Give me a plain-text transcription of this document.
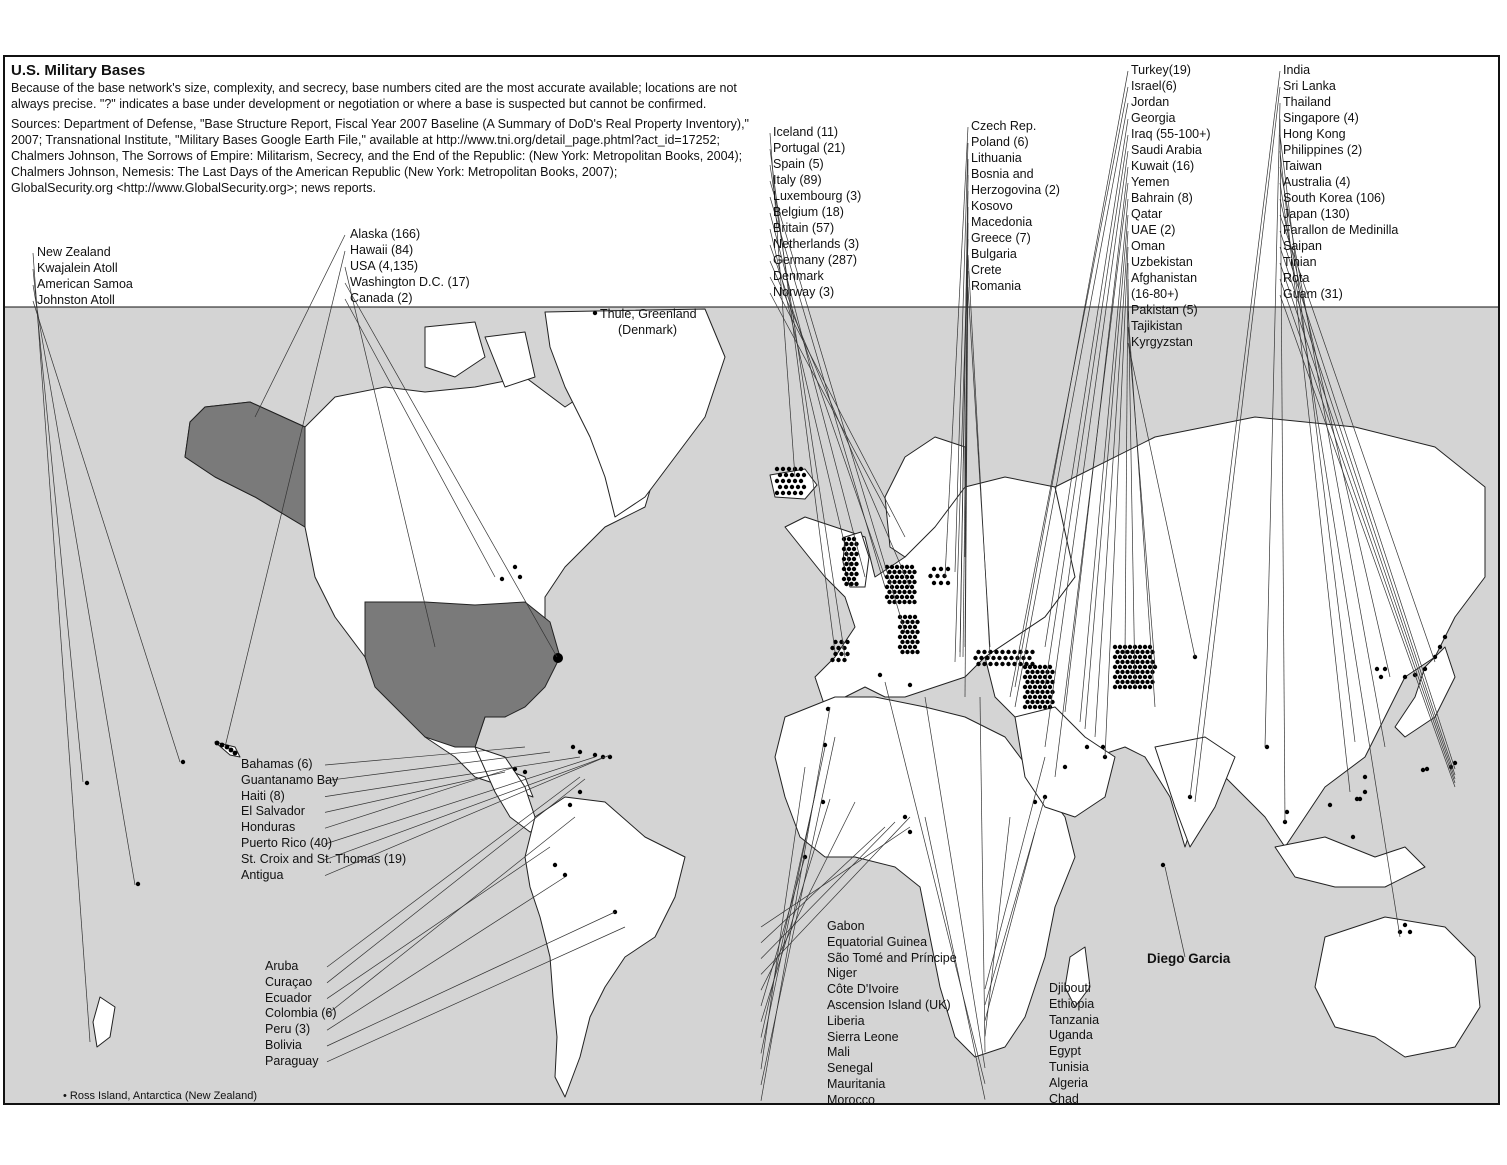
U.S. Military Bases

Because of the base network's size, complexity, and secrecy, base numbers cited are the most accurate available; locations are not always precise. "?" indicates a base under development or negotiation or where a base is suspected but cannot be confirmed.

Sources: Department of Defense, "Base Structure Report, Fiscal Year 2007 Baseline (A Summary of DoD's Real Property Inventory)," 2007; Transnational Institute, "Military Bases Google Earth File," available at http://www.tni.org/detail_page.phtml?act_id=17252;
Chalmers Johnson, The Sorrows of Empire: Militarism, Secrecy, and the End of the Republic: (New York: Metropolitan Books, 2004);
Chalmers Johnson, Nemesis: The Last Days of the American Republic (New York: Metropolitan Books, 2007);
GlobalSecurity.org <http://www.GlobalSecurity.org>; news reports.

New Zealand
Kwajalein Atoll
American Samoa
Johnston Atoll
Alaska (166)
Hawaii (84)
USA (4,135)
Washington D.C. (17)
Canada (2)
Thule, Greenland
(Denmark)
Bahamas (6)
Guantanamo Bay
Haiti (8)
El Salvador
Honduras
Puerto Rico (40)
St. Croix and St. Thomas (19)
Antigua
Aruba
Curaçao
Ecuador
Colombia (6)
Peru (3)
Bolivia
Paraguay
Iceland (11)
Portugal (21)
Spain (5)
Italy (89)
Luxembourg (3)
Belgium (18)
Britain (57)
Netherlands (3)
Germany (287)
Denmark
Norway (3)
Czech Rep.
Poland (6)
Lithuania
Bosnia and
Herzogovina (2)
Kosovo
Macedonia
Greece (7)
Bulgaria
Crete
Romania
Turkey(19)
Israel(6)
Jordan
Georgia
Iraq (55-100+)
Saudi Arabia
Kuwait (16)
Yemen
Bahrain (8)
Qatar
UAE (2)
Oman
Uzbekistan
Afghanistan
(16-80+)
Pakistan (5)
Tajikistan
Kyrgyzstan
India
Sri Lanka
Thailand
Singapore (4)
Hong Kong
Philippines (2)
Taiwan
Australia (4)
South Korea (106)
Japan (130)
Farallon de Medinilla
Saipan
Tinian
Rota
Guam (31)
Gabon
Equatorial Guinea
São Tomé and Príncipe
Niger
Côte D'Ivoire
Ascension Island (UK)
Liberia
Sierra Leone
Mali
Senegal
Mauritania
Morocco
Djibouti
Ethiopia
Tanzania
Uganda
Egypt
Tunisia
Algeria
Chad
Diego Garcia
• Ross Island, Antarctica (New Zealand)
